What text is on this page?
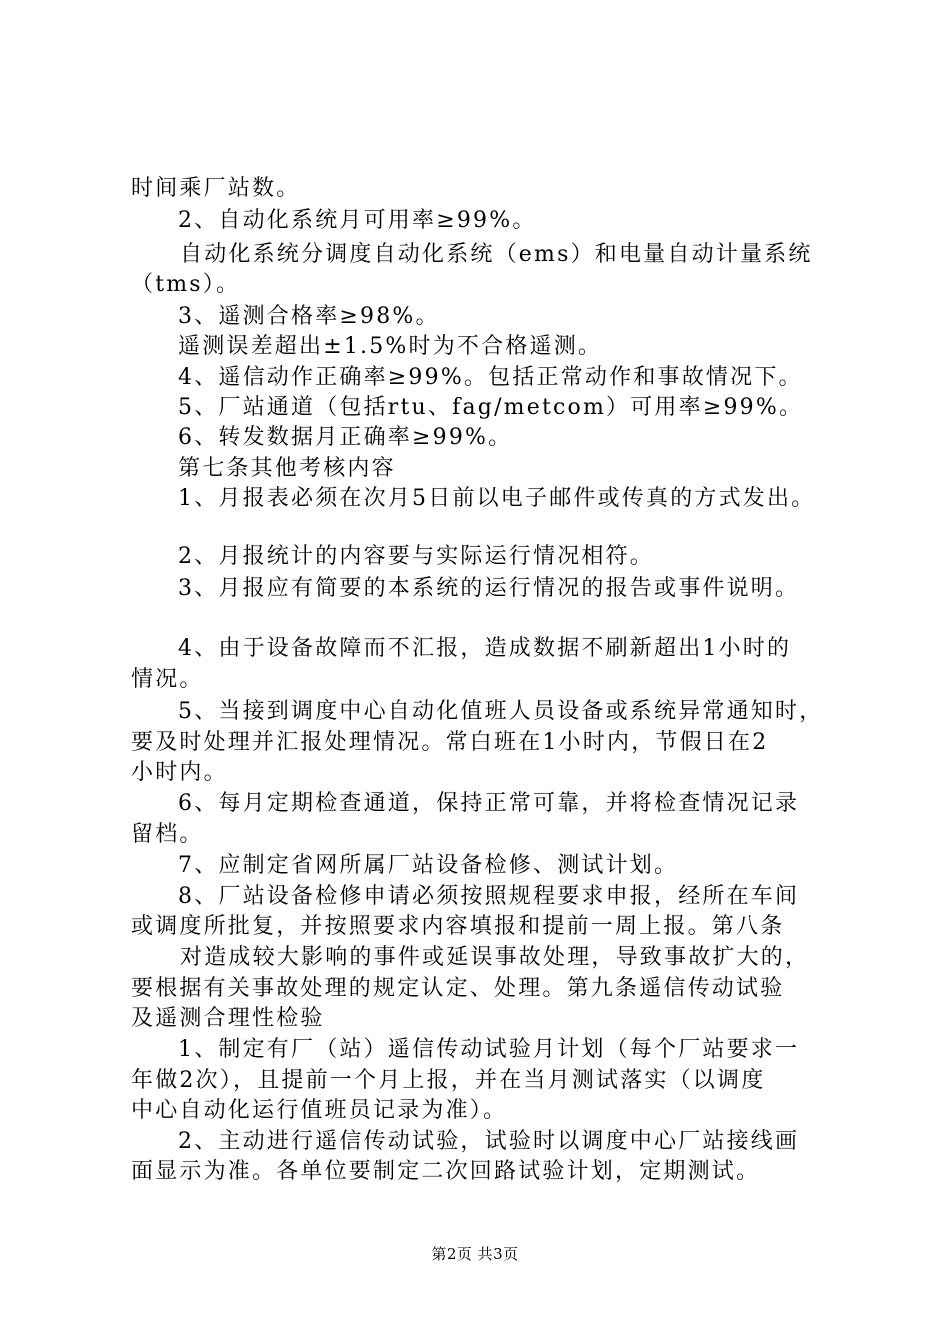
时间乘厂站数。
2、自动化系统月可用率≥99%。
自动化系统分调度自动化系统（ems）和电量自动计量系统
（tms）。
3、遥测合格率≥98%。
遥测误差超出±1.5%时为不合格遥测。
4、遥信动作正确率≥99%。包括正常动作和事故情况下。
5、厂站通道（包括rtu、fag/metcom）可用率≥99%。
6、转发数据月正确率≥99%。
第七条其他考核内容
1、月报表必须在次月5日前以电子邮件或传真的方式发出。
2、月报统计的内容要与实际运行情况相符。
3、月报应有简要的本系统的运行情况的报告或事件说明。
4、由于设备故障而不汇报，造成数据不刷新超出1小时的
情况。
5、当接到调度中心自动化值班人员设备或系统异常通知时，
要及时处理并汇报处理情况。常白班在1小时内，节假日在2
小时内。
6、每月定期检查通道，保持正常可靠，并将检查情况记录
留档。
7、应制定省网所属厂站设备检修、测试计划。
8、厂站设备检修申请必须按照规程要求申报，经所在车间
或调度所批复，并按照要求内容填报和提前一周上报。第八条
对造成较大影响的事件或延误事故处理，导致事故扩大的，
要根据有关事故处理的规定认定、处理。第九条遥信传动试验
及遥测合理性检验
1、制定有厂（站）遥信传动试验月计划（每个厂站要求一
年做2次），且提前一个月上报，并在当月测试落实（以调度
中心自动化运行值班员记录为准）。
2、主动进行遥信传动试验，试验时以调度中心厂站接线画
面显示为准。各单位要制定二次回路试验计划，定期测试。
第2页 共3页
